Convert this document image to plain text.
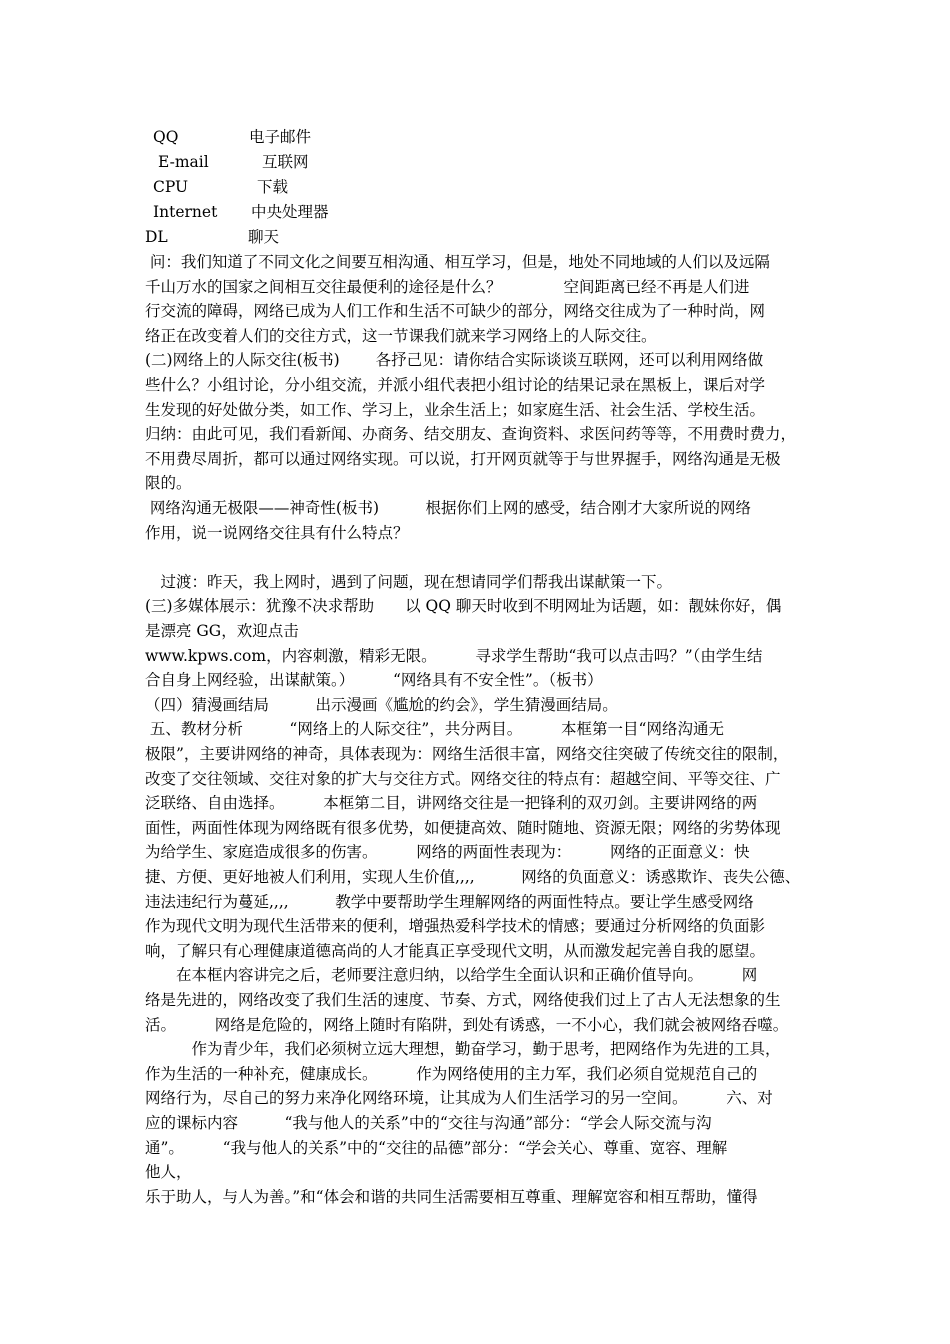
QQ	电子邮件
E-mail	互联网
CPU	下载
Internet 中央处理器
DL	聊天
问：我们知道了不同文化之间要互相沟通、相互学习，但是，地处不同地域的人们以及远隔
千山万水的国家之间相互交往最便利的途径是什么？　　　　空间距离已经不再是人们进
行交流的障碍，网络已成为人们工作和生活不可缺少的部分，网络交往成为了一种时尚，网
络正在改变着人们的交往方式，这一节课我们就来学习网络上的人际交往。
(二)网络上的人际交往(板书)　　 各抒己见：请你结合实际谈谈互联网，还可以利用网络做
些什么？小组讨论，分小组交流，并派小组代表把小组讨论的结果记录在黑板上，课后对学
生发现的好处做分类，如工作、学习上，业余生活上；如家庭生活、社会生活、学校生活。
归纳：由此可见，我们看新闻、办商务、结交朋友、查询资料、求医问药等等，不用费时费力，
不用费尽周折，都可以通过网络实现。可以说，打开网页就等于与世界握手，网络沟通是无极
限的。
网络沟通无极限——神奇性(板书)　　　根据你们上网的感受，结合刚才大家所说的网络
作用，说一说网络交往具有什么特点？
　过渡：昨天，我上网时，遇到了问题，现在想请同学们帮我出谋献策一下。
(三)多媒体展示：犹豫不决求帮助　　以 QQ 聊天时收到不明网址为话题，如：靓妹你好，偶
是漂亮 GG，欢迎点击
www.kpws.com，内容刺激，精彩无限。　　　寻求学生帮助“我可以点击吗？”（由学生结
合自身上网经验，出谋献策。）　　　“网络具有不安全性”。（板书）
（四）猜漫画结局　　　出示漫画《尴尬的约会》，学生猜漫画结局。
五、教材分析　　　“网络上的人际交往”，共分两目。　　　本框第一目“网络沟通无
极限”，主要讲网络的神奇，具体表现为：网络生活很丰富，网络交往突破了传统交往的限制，
改变了交往领域、交往对象的扩大与交往方式。网络交往的特点有：超越空间、平等交往、广
泛联络、自由选择。　　　本框第二目，讲网络交往是一把锋利的双刃剑。主要讲网络的两
面性，两面性体现为网络既有很多优势，如便捷高效、随时随地、资源无限；网络的劣势体现
为给学生、家庭造成很多的伤害。　　　网络的两面性表现为：　　　网络的正面意义：快
捷、方便、更好地被人们利用，实现人生价值,,,,　　　网络的负面意义：诱惑欺诈、丧失公德、
违法违纪行为蔓延,,,,　　　教学中要帮助学生理解网络的两面性特点。要让学生感受网络
作为现代文明为现代生活带来的便利，增强热爱科学技术的情感；要通过分析网络的负面影
响，了解只有心理健康道德高尚的人才能真正享受现代文明，从而激发起完善自我的愿望。
　　在本框内容讲完之后，老师要注意归纳，以给学生全面认识和正确价值导向。　　　网
络是先进的，网络改变了我们生活的速度、节奏、方式，网络使我们过上了古人无法想象的生
活。　　　网络是危险的，网络上随时有陷阱，到处有诱惑，一不小心，我们就会被网络吞噬。
　　　作为青少年，我们必须树立远大理想，勤奋学习，勤于思考，把网络作为先进的工具，
作为生活的一种补充，健康成长。　　　作为网络使用的主力军，我们必须自觉规范自己的
网络行为，尽自己的努力来净化网络环境，让其成为人们生活学习的另一空间。　　　六、对
应的课标内容　　　“我与他人的关系”中的“交往与沟通”部分：“学会人际交流与沟
通”。　　　“我与他人的关系”中的“交往的品德”部分：“学会关心、尊重、宽容、理解
他人，
乐于助人，与人为善。”和“体会和谐的共同生活需要相互尊重、理解宽容和相互帮助，懂得
